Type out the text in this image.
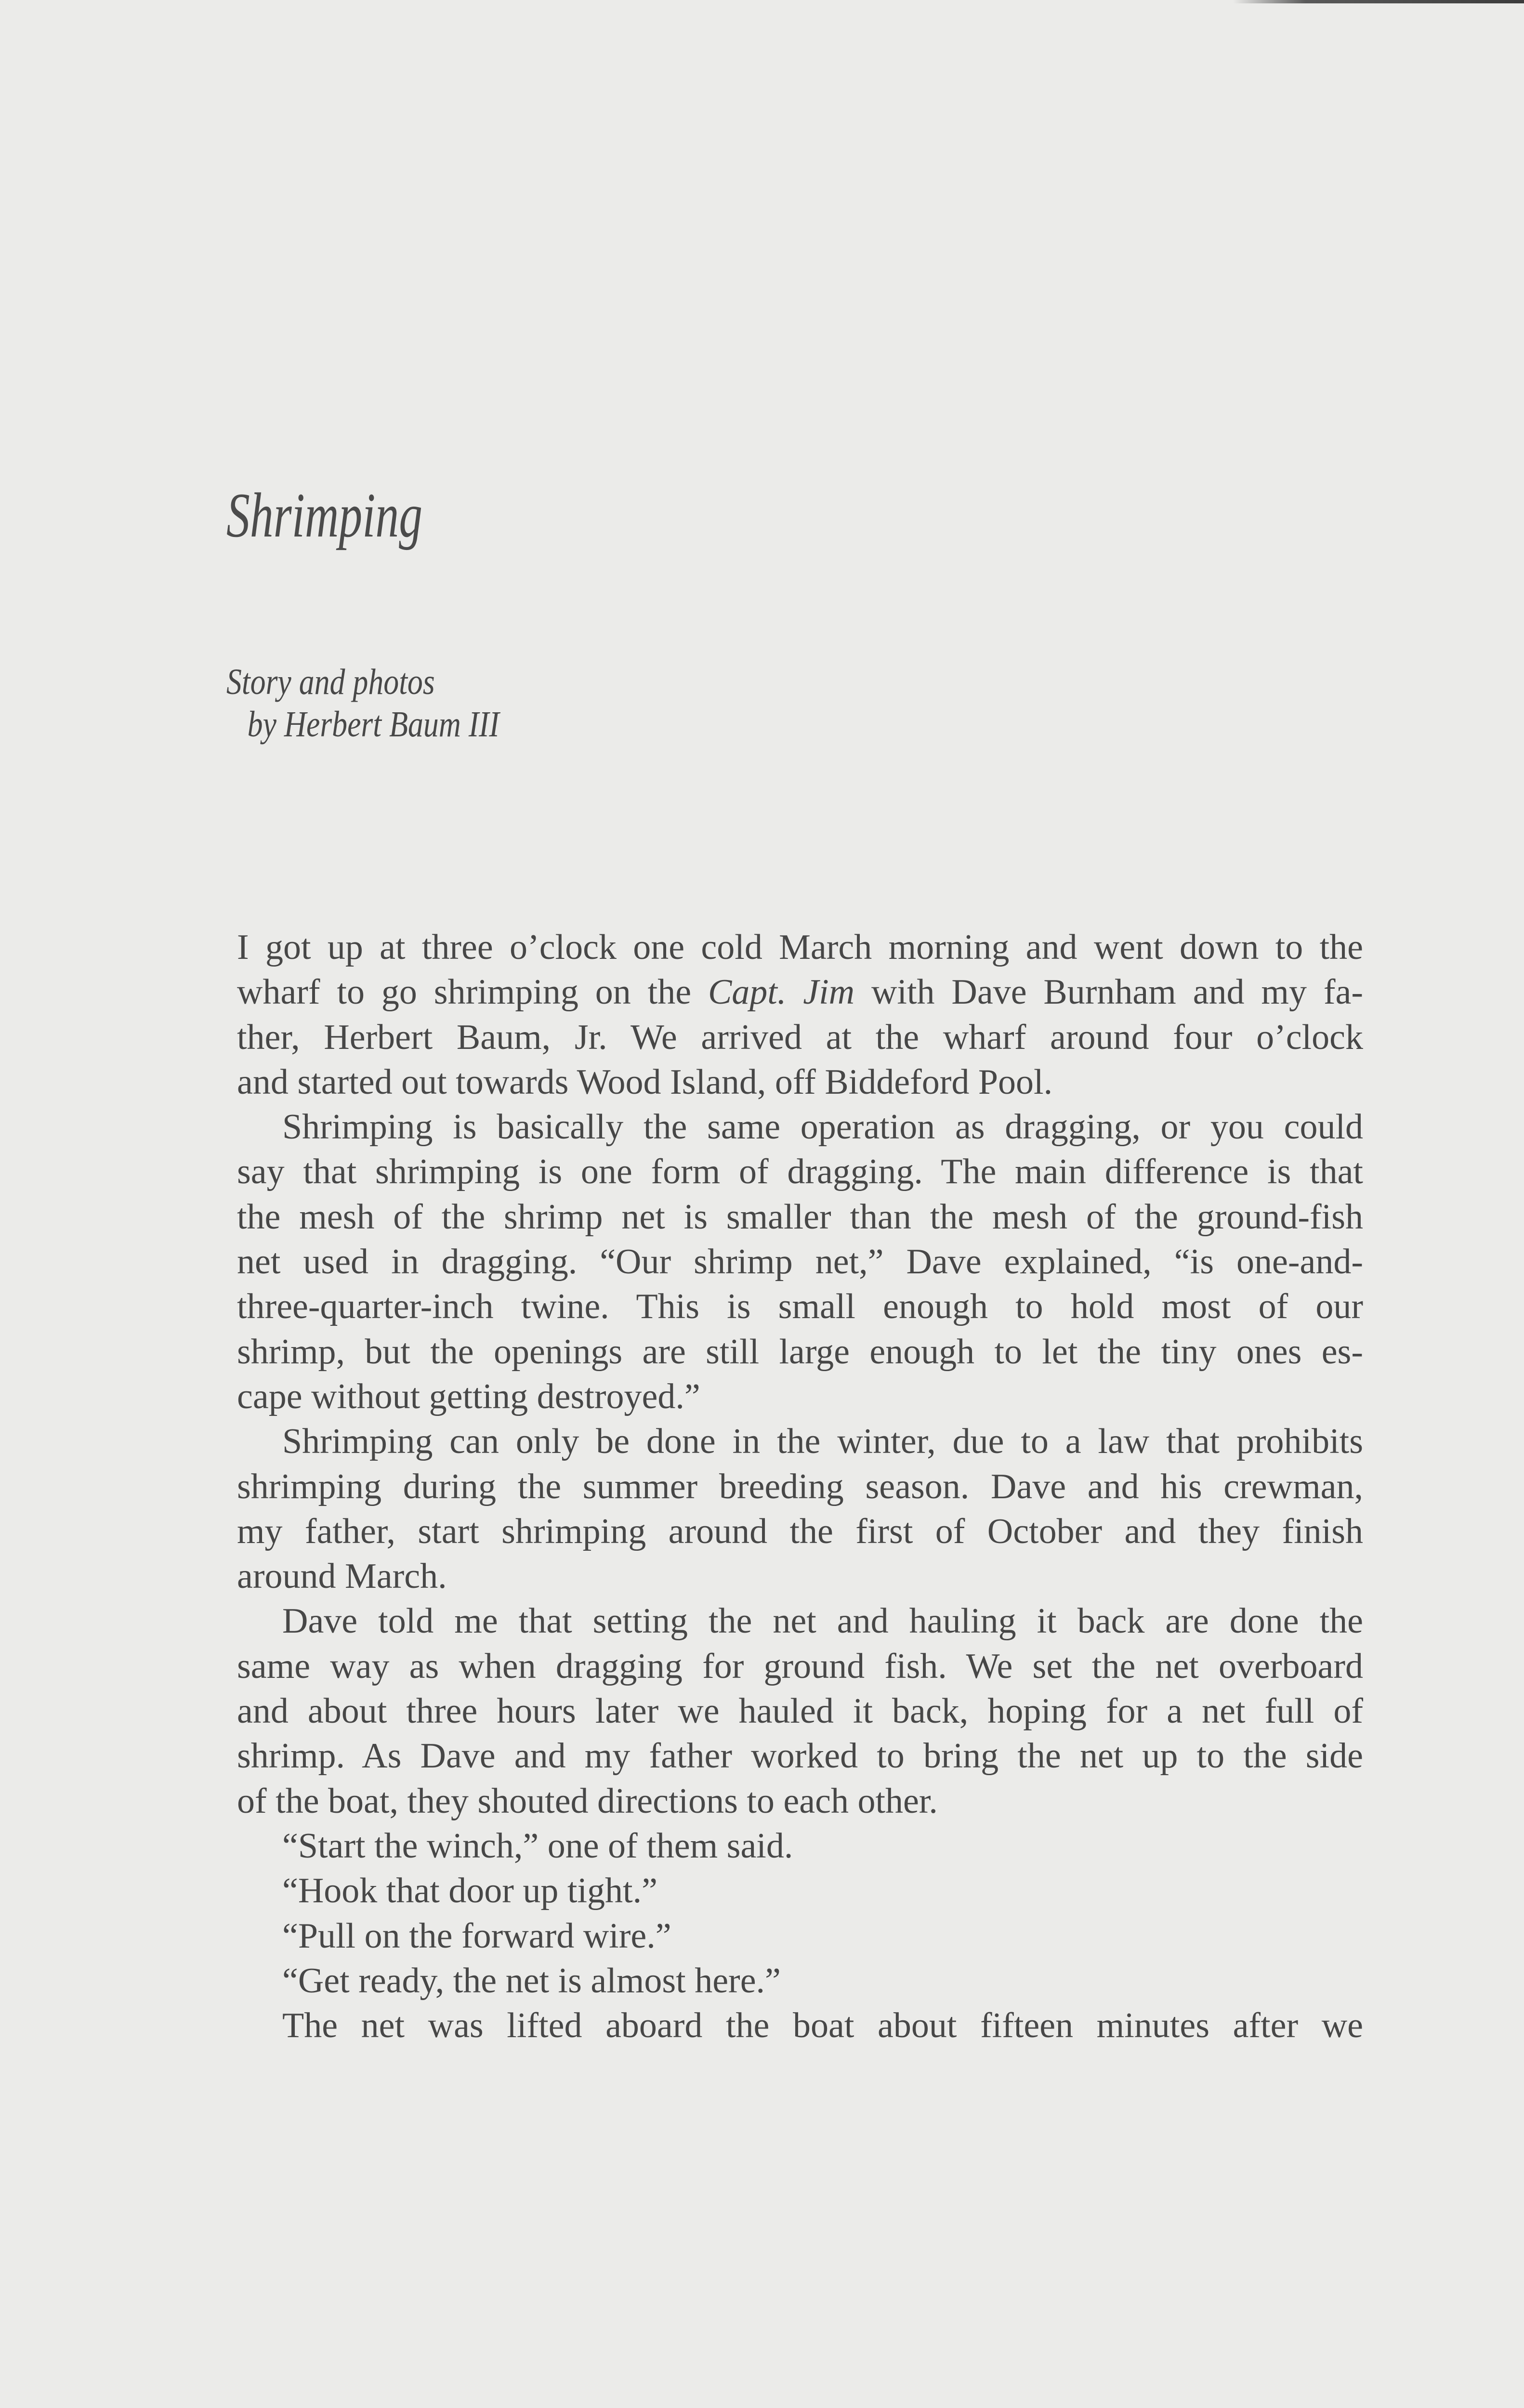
Shrimping
Story and photos
by Herbert Baum III
I got up at three o’clock one cold March morning and went down to the
wharf to go shrimping on the Capt. Jim with Dave Burnham and my fa-
ther, Herbert Baum, Jr. We arrived at the wharf around four o’clock
and started out towards Wood Island, off Biddeford Pool.
Shrimping is basically the same operation as dragging, or you could
say that shrimping is one form of dragging. The main difference is that
the mesh of the shrimp net is smaller than the mesh of the ground-fish
net used in dragging. “Our shrimp net,” Dave explained, “is one-and-
three-quarter-inch twine. This is small enough to hold most of our
shrimp, but the openings are still large enough to let the tiny ones es-
cape without getting destroyed.”
Shrimping can only be done in the winter, due to a law that prohibits
shrimping during the summer breeding season. Dave and his crewman,
my father, start shrimping around the first of October and they finish
around March.
Dave told me that setting the net and hauling it back are done the
same way as when dragging for ground fish. We set the net overboard
and about three hours later we hauled it back, hoping for a net full of
shrimp. As Dave and my father worked to bring the net up to the side
of the boat, they shouted directions to each other.
“Start the winch,” one of them said.
“Hook that door up tight.”
“Pull on the forward wire.”
“Get ready, the net is almost here.”
The net was lifted aboard the boat about fifteen minutes after we
